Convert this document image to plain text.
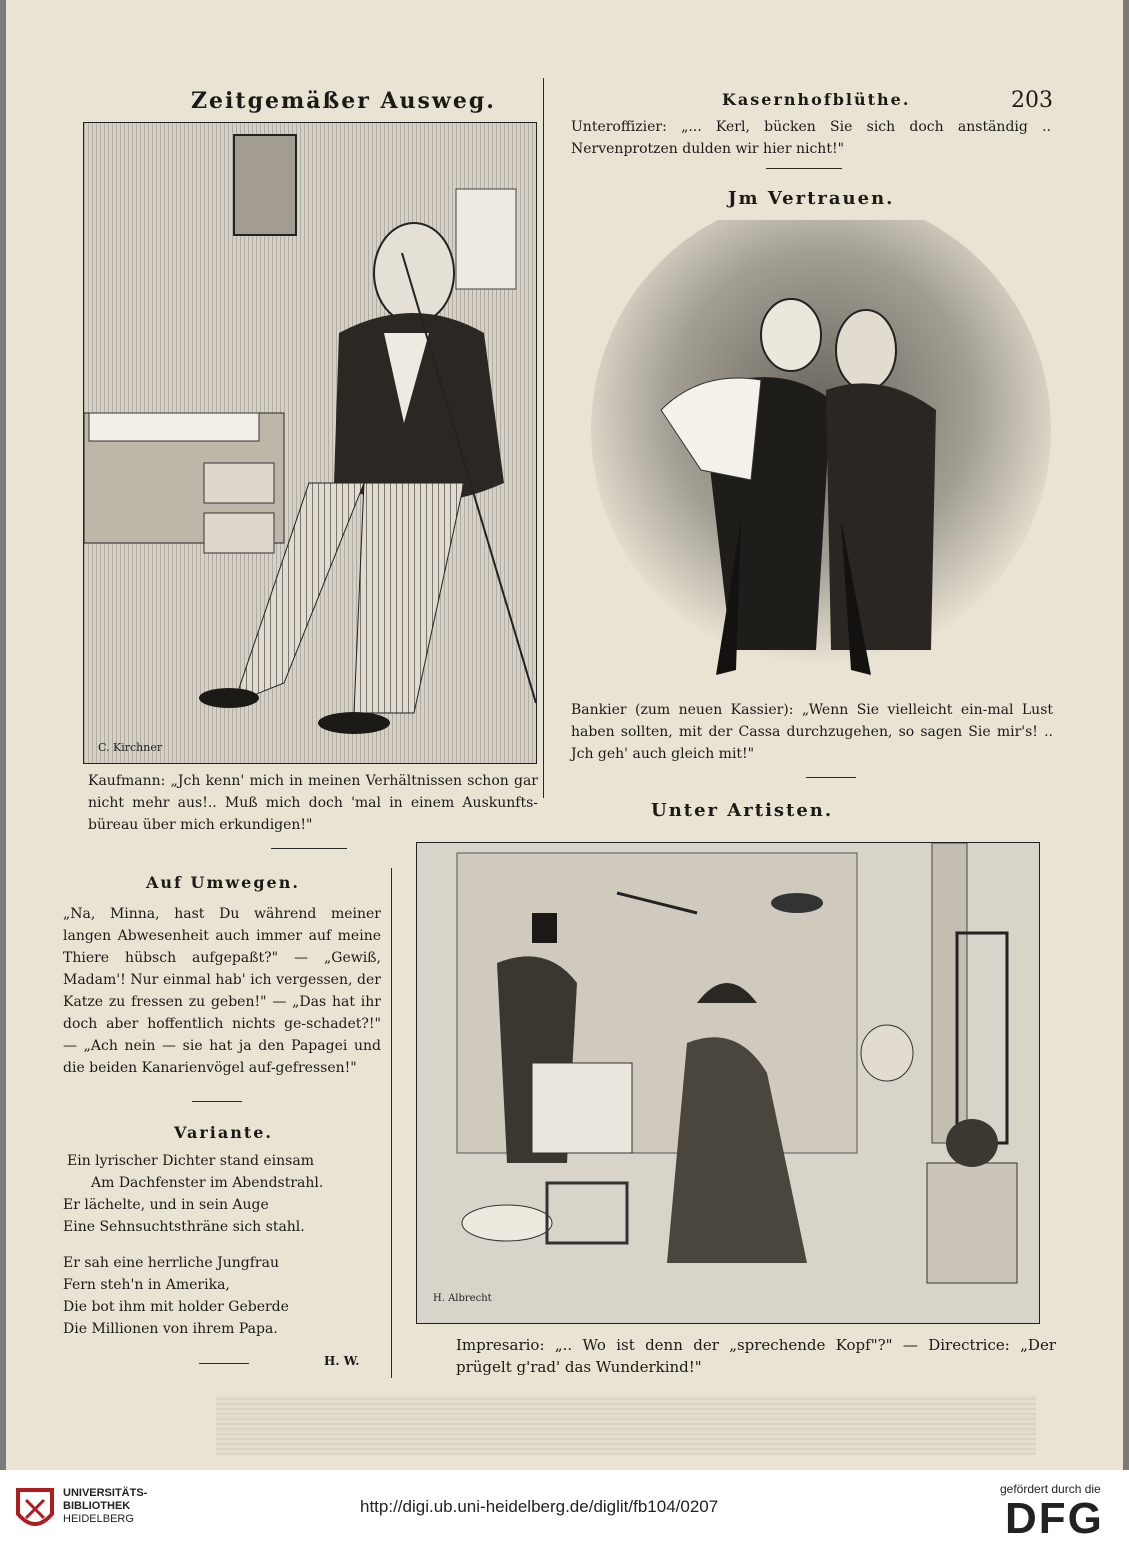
Zeitgemäßer Ausweg.	Kasernhofblüthe.	203
C. Kirchner
Kaufmann: „Jch kenn' mich in meinen Verhältnissen schon gar nicht mehr aus!.. Muß mich doch 'mal in einem Auskunfts-büreau über mich erkundigen!"
Auf Umwegen.
„Na, Minna, hast Du während meiner langen Abwesenheit auch immer auf meine Thiere hübsch aufgepaßt?" — „Gewiß, Madam'! Nur einmal hab' ich vergessen, der Katze zu fressen zu geben!" — „Das hat ihr doch aber hoffentlich nichts ge-schadet?!" — „Ach nein — sie hat ja den Papagei und die beiden Kanarienvögel auf-gefressen!"
Variante.
Ein lyrischer Dichter stand einsam
Am Dachfenster im Abendstrahl.
Er lächelte, und in sein Auge
Eine Sehnsuchtsthräne sich stahl.
Er sah eine herrliche Jungfrau
Fern steh'n in Amerika,
Die bot ihm mit holder Geberde
Die Millionen von ihrem Papa.
H. W.
Unteroffizier: „... Kerl, bücken Sie sich doch anständig .. Nervenprotzen dulden wir hier nicht!"
Jm Vertrauen.
Bankier (zum neuen Kassier): „Wenn Sie vielleicht ein-mal Lust haben sollten, mit der Cassa durchzugehen, so sagen Sie mir's! .. Jch geh' auch gleich mit!"
Unter Artisten.
H. Albrecht
Impresario: „.. Wo ist denn der „sprechende Kopf"?" — Directrice: „Der prügelt g'rad' das Wunderkind!"
UNIVERSITÄTS-
BIBLIOTHEK
HEIDELBERG
http://digi.ub.uni-heidelberg.de/diglit/fb104/0207
gefördert durch die
DFG
